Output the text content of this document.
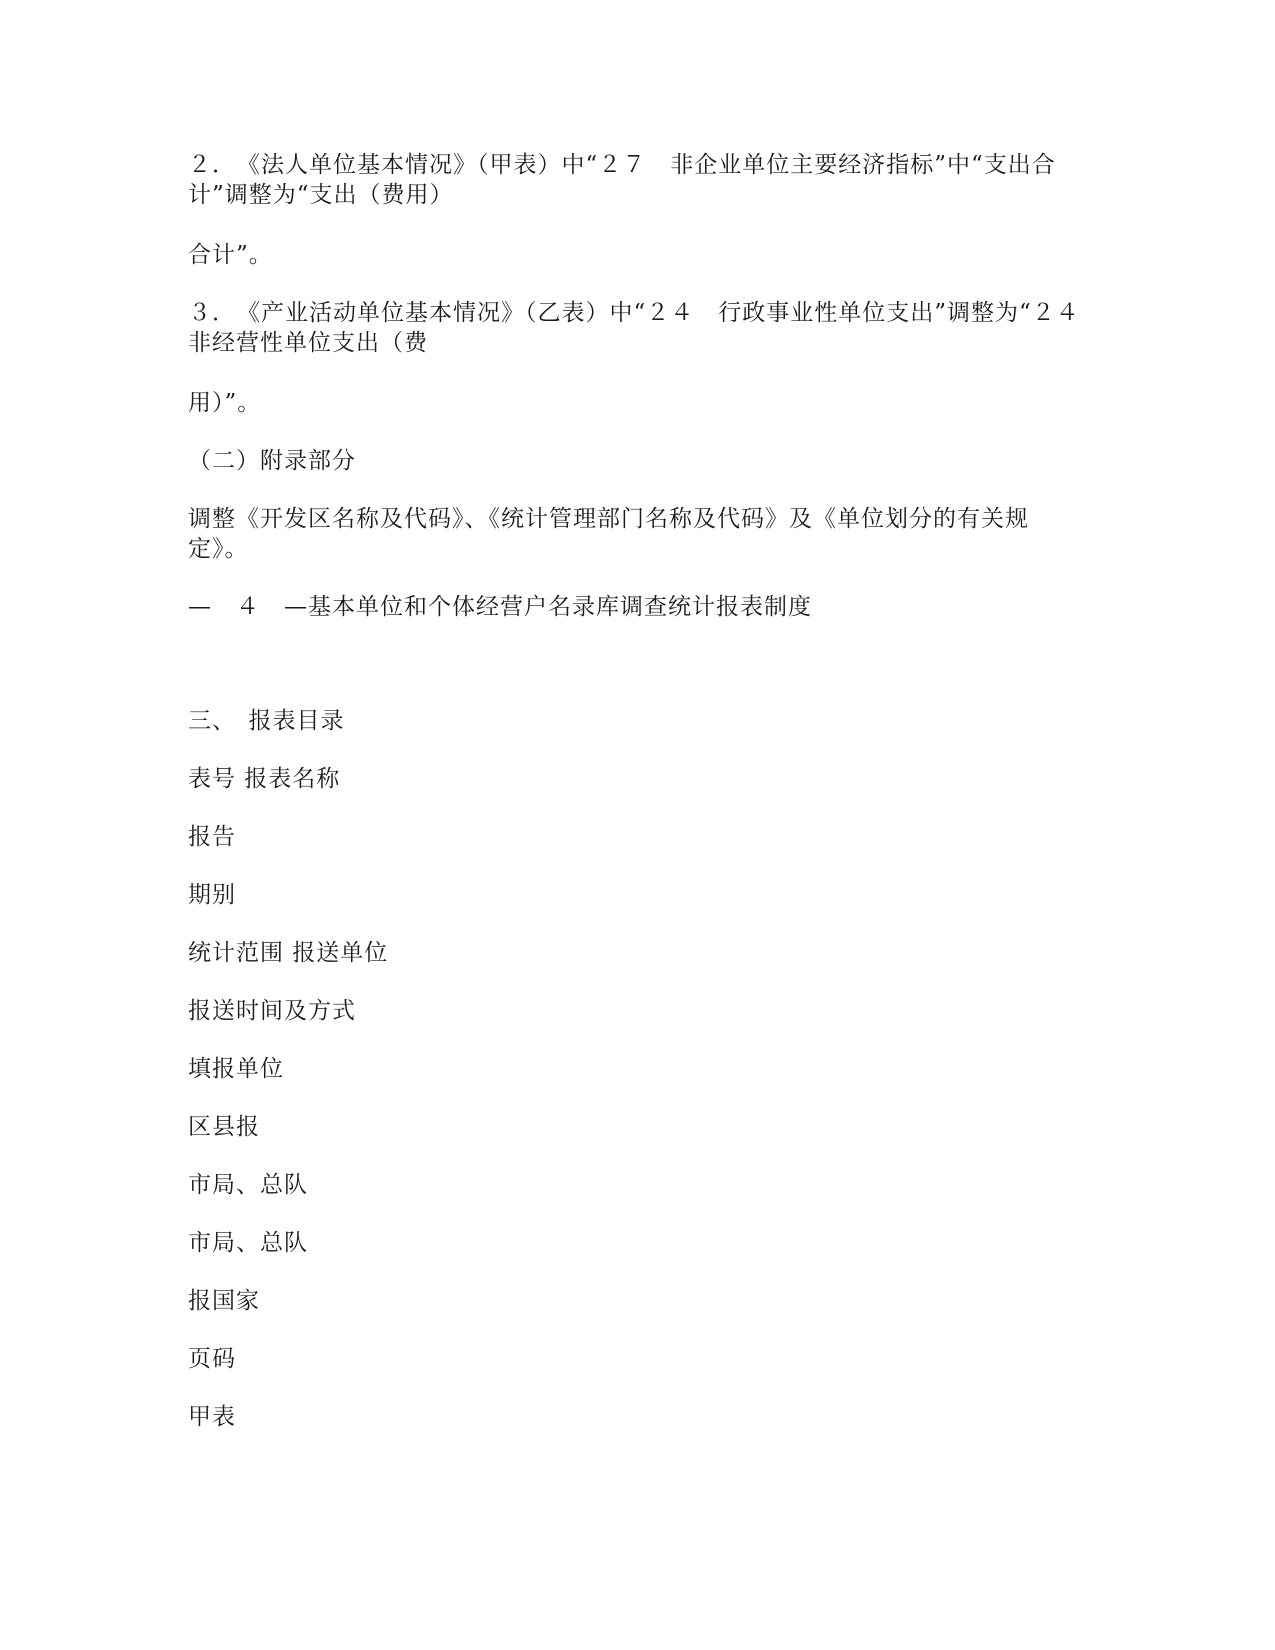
２．　《法人单位基本情况》（甲表）中“２７　非企业单位主要经济指标”中“支出合
计”调整为“支出（费用）
合计”。
３．　《产业活动单位基本情况》（乙表）中“２４　行政事业性单位支出”调整为“２４
非经营性单位支出（费
用）”。
（二）附录部分
调整《开发区名称及代码》、《统计管理部门名称及代码》及《单位划分的有关规
定》。
—　４　—基本单位和个体经营户名录库调查统计报表制度
三、　报表目录
表号 报表名称
报告
期别
统计范围 报送单位
报送时间及方式
填报单位
区县报
市局、总队
市局、总队
报国家
页码
甲表
